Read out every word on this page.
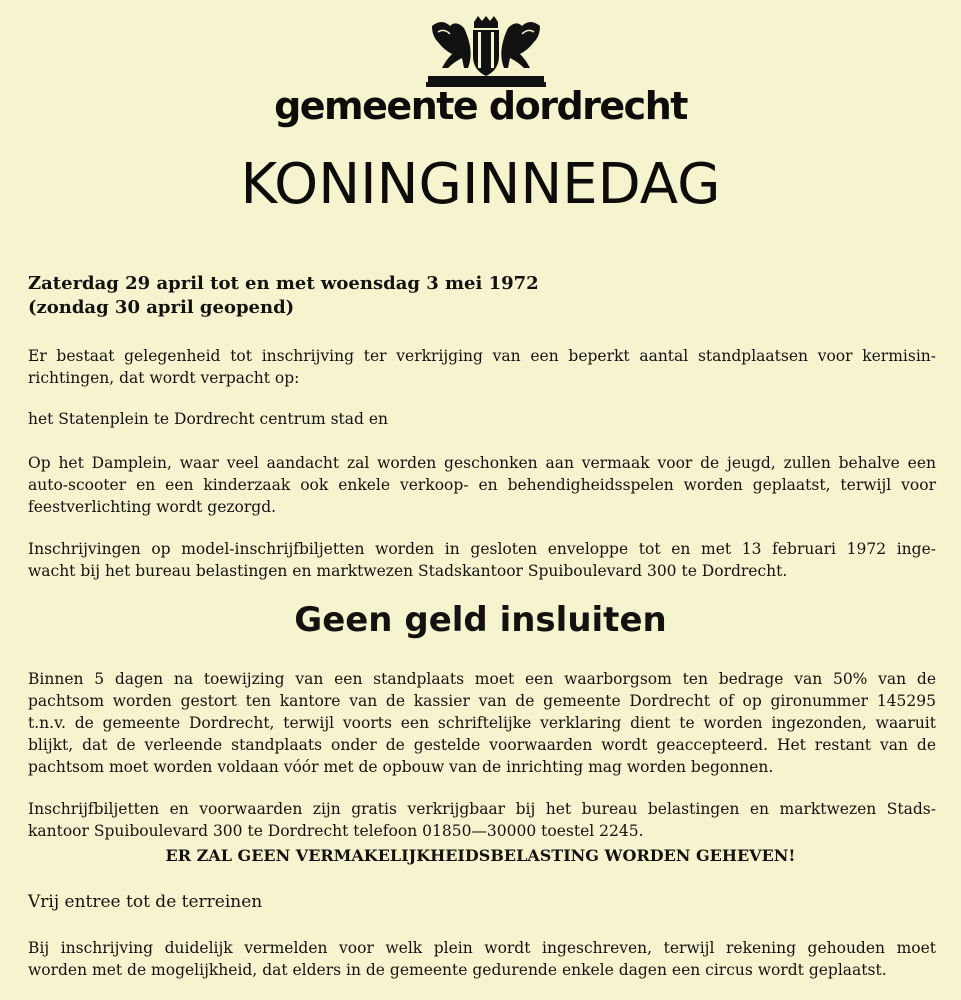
gemeente dordrecht
KONINGINNEDAG
Zaterdag 29 april tot en met woensdag 3 mei 1972
(zondag 30 april geopend)
Er bestaat gelegenheid tot inschrijving ter verkrijging van een beperkt aantal standplaatsen voor kermisin-
richtingen, dat wordt verpacht op:
het Statenplein te Dordrecht centrum stad en
Op het Damplein, waar veel aandacht zal worden geschonken aan vermaak voor de jeugd, zullen behalve een
auto-scooter en een kinderzaak ook enkele verkoop- en behendigheidsspelen worden geplaatst, terwijl voor
feestverlichting wordt gezorgd.
Inschrijvingen op model-inschrijfbiljetten worden in gesloten enveloppe tot en met 13 februari 1972 inge-
wacht bij het bureau belastingen en marktwezen Stadskantoor Spuiboulevard 300 te Dordrecht.
Geen geld insluiten
Binnen 5 dagen na toewijzing van een standplaats moet een waarborgsom ten bedrage van 50% van de
pachtsom worden gestort ten kantore van de kassier van de gemeente Dordrecht of op gironummer 145295
t.n.v. de gemeente Dordrecht, terwijl voorts een schriftelijke verklaring dient te worden ingezonden, waaruit
blijkt, dat de verleende standplaats onder de gestelde voorwaarden wordt geaccepteerd. Het restant van de
pachtsom moet worden voldaan vóór met de opbouw van de inrichting mag worden begonnen.
Inschrijfbiljetten en voorwaarden zijn gratis verkrijgbaar bij het bureau belastingen en marktwezen Stads-
kantoor Spuiboulevard 300 te Dordrecht telefoon 01850—30000 toestel 2245.
ER ZAL GEEN VERMAKELIJKHEIDSBELASTING WORDEN GEHEVEN!
Vrij entree tot de terreinen
Bij inschrijving duidelijk vermelden voor welk plein wordt ingeschreven, terwijl rekening gehouden moet
worden met de mogelijkheid, dat elders in de gemeente gedurende enkele dagen een circus wordt geplaatst.
